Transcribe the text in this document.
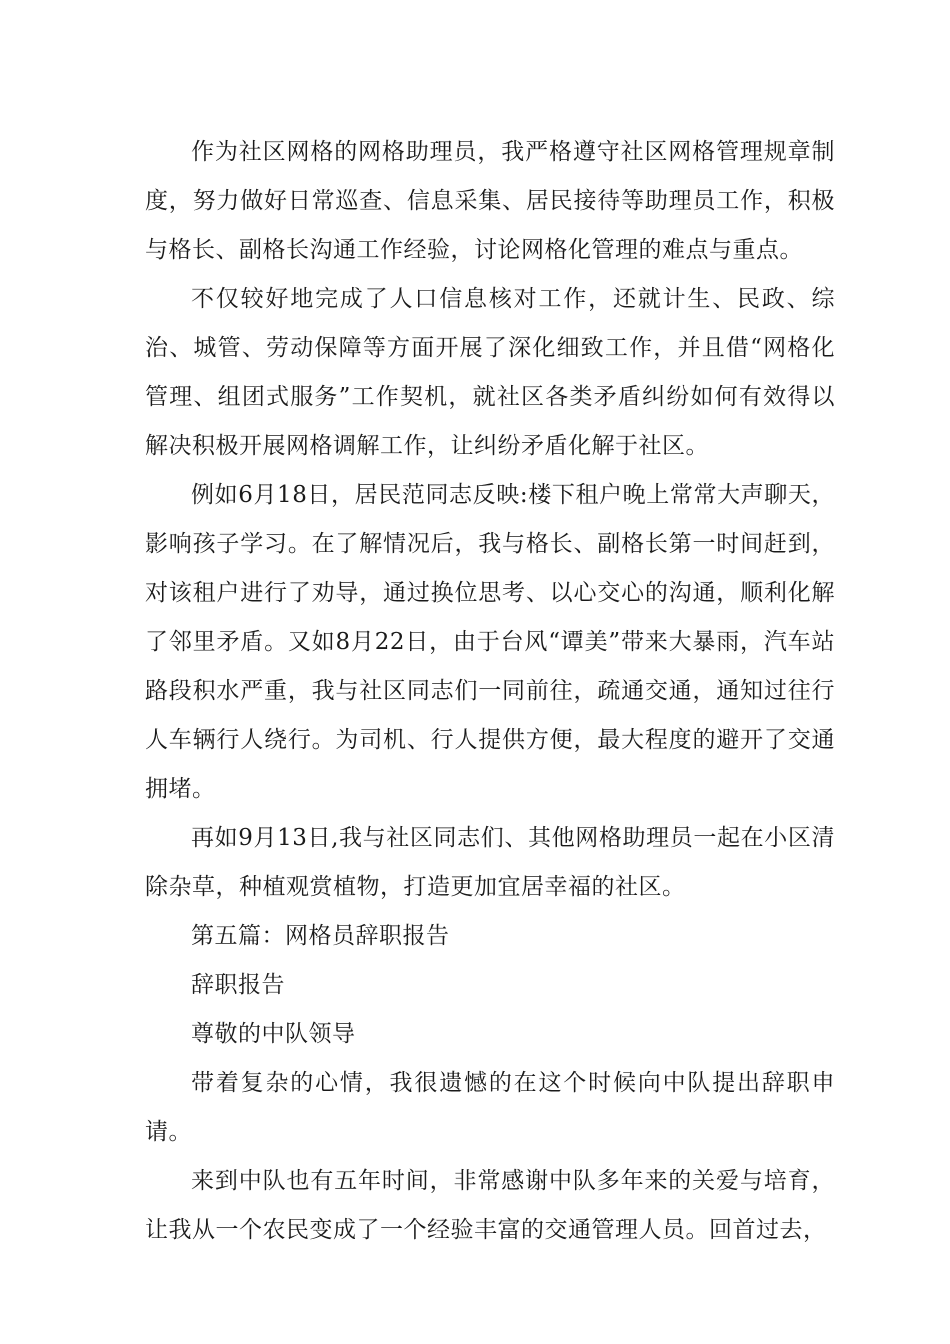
作为社区网格的网格助理员，我严格遵守社区网格管理规章制度，努力做好日常巡查、信息采集、居民接待等助理员工作，积极与格长、副格长沟通工作经验，讨论网格化管理的难点与重点。

不仅较好地完成了人口信息核对工作，还就计生、民政、综治、城管、劳动保障等方面开展了深化细致工作，并且借“网格化管理、组团式服务”工作契机，就社区各类矛盾纠纷如何有效得以解决积极开展网格调解工作，让纠纷矛盾化解于社区。

例如6月18日，居民范同志反映:楼下租户晚上常常大声聊天，影响孩子学习。在了解情况后，我与格长、副格长第一时间赶到，对该租户进行了劝导，通过换位思考、以心交心的沟通，顺利化解了邻里矛盾。又如8月22日，由于台风“谭美”带来大暴雨，汽车站路段积水严重，我与社区同志们一同前往，疏通交通，通知过往行人车辆行人绕行。为司机、行人提供方便，最大程度的避开了交通拥堵。

再如9月13日,我与社区同志们、其他网格助理员一起在小区清除杂草，种植观赏植物，打造更加宜居幸福的社区。

第五篇：网格员辞职报告

辞职报告

尊敬的中队领导

带着复杂的心情，我很遗憾的在这个时候向中队提出辞职申请。

来到中队也有五年时间，非常感谢中队多年来的关爱与培育，让我从一个农民变成了一个经验丰富的交通管理人员。回首过去，
